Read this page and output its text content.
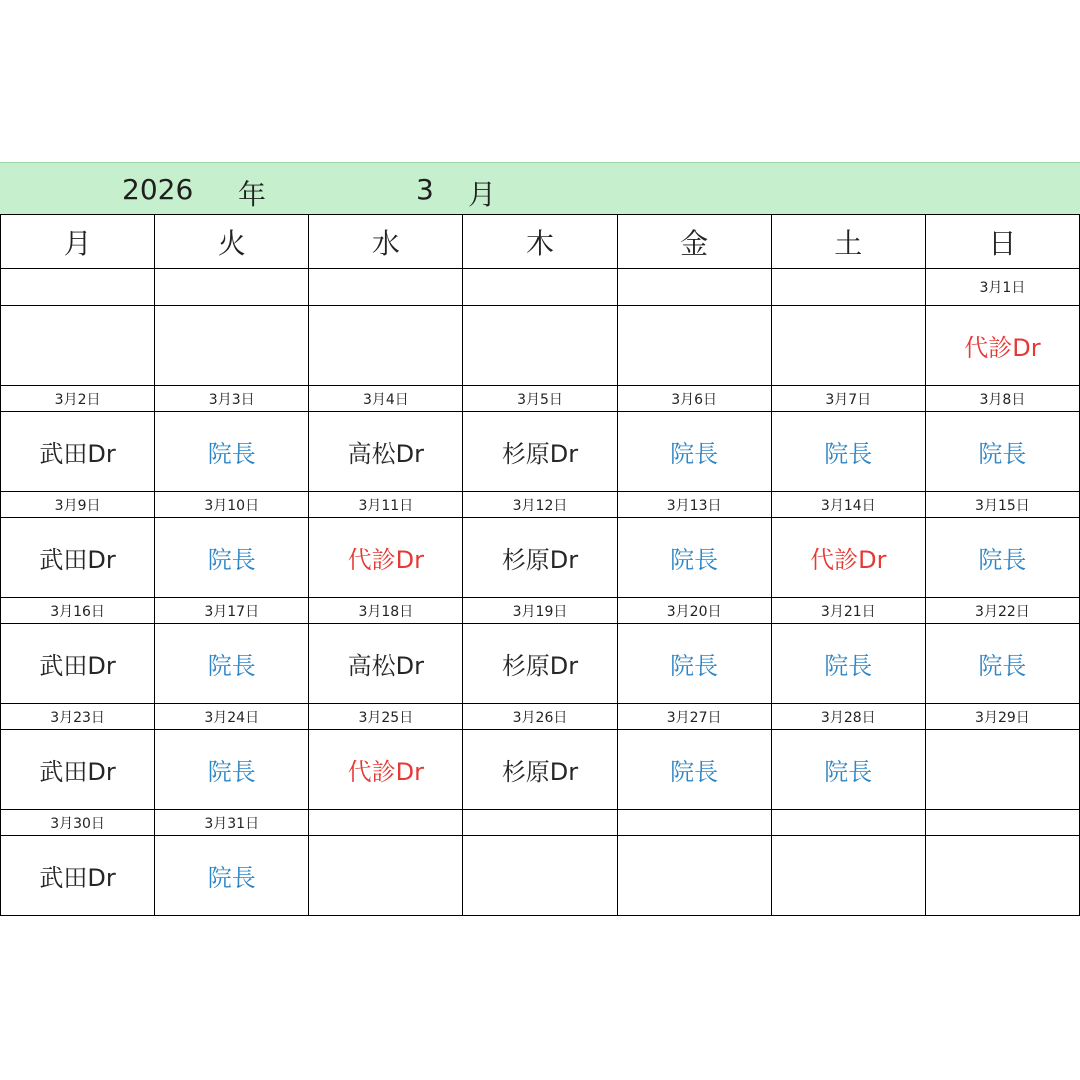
2026 年	3 月
月	火	水	木	金	土	日
						3月1日
						代診Dr
3月2日	3月3日	3月4日	3月5日	3月6日	3月7日	3月8日
武田Dr	院長	高松Dr	杉原Dr	院長	院長	院長
3月9日	3月10日	3月11日	3月12日	3月13日	3月14日	3月15日
武田Dr	院長	代診Dr	杉原Dr	院長	代診Dr	院長
3月16日	3月17日	3月18日	3月19日	3月20日	3月21日	3月22日
武田Dr	院長	高松Dr	杉原Dr	院長	院長	院長
3月23日	3月24日	3月25日	3月26日	3月27日	3月28日	3月29日
武田Dr	院長	代診Dr	杉原Dr	院長	院長	
3月30日	3月31日					
武田Dr	院長					
